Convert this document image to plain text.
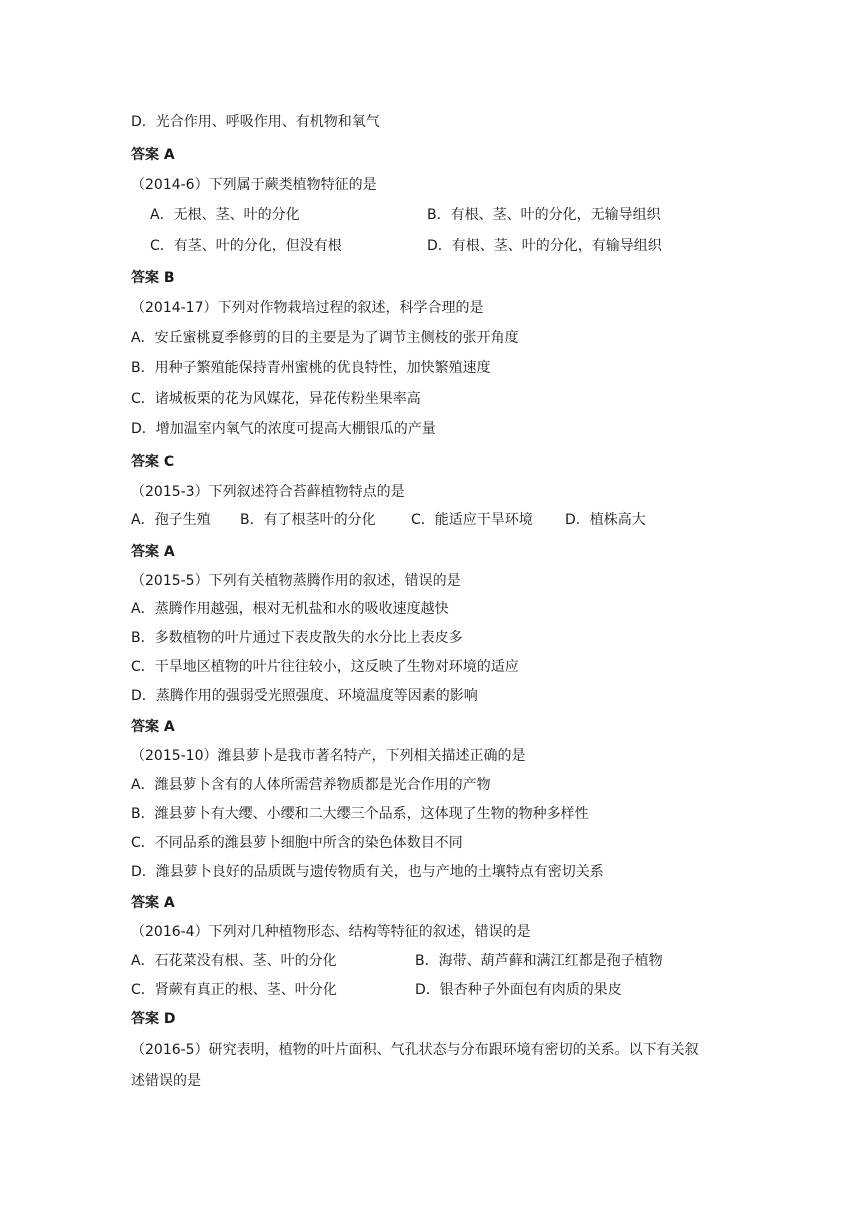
D．光合作用、呼吸作用、有机物和氧气
答案 A
（2014-6）下列属于蕨类植物特征的是
A．无根、茎、叶的分化	B．有根、茎、叶的分化，无输导组织
C．有茎、叶的分化，但没有根	D．有根、茎、叶的分化，有输导组织
答案 B
（2014-17）下列对作物栽培过程的叙述，科学合理的是
A．安丘蜜桃夏季修剪的目的主要是为了调节主侧枝的张开角度
B．用种子繁殖能保持青州蜜桃的优良特性，加快繁殖速度
C．诸城板栗的花为风媒花，异花传粉坐果率高
D．增加温室内氧气的浓度可提高大棚银瓜的产量
答案 C
（2015-3）下列叙述符合苔藓植物特点的是
A．孢子生殖 B．有了根茎叶的分化	C．能适应干旱环境 D．植株高大
答案 A
（2015-5）下列有关植物蒸腾作用的叙述，错误的是
A．蒸腾作用越强，根对无机盐和水的吸收速度越快
B．多数植物的叶片通过下表皮散失的水分比上表皮多
C．干旱地区植物的叶片往往较小，这反映了生物对环境的适应
D．蒸腾作用的强弱受光照强度、环境温度等因素的影响
答案 A
（2015-10）潍县萝卜是我市著名特产，下列相关描述正确的是
A．潍县萝卜含有的人体所需营养物质都是光合作用的产物
B．潍县萝卜有大缨、小缨和二大缨三个品系，这体现了生物的物种多样性
C．不同品系的潍县萝卜细胞中所含的染色体数目不同
D．潍县萝卜良好的品质既与遗传物质有关，也与产地的土壤特点有密切关系
答案 A
（2016-4）下列对几种植物形态、结构等特征的叙述，错误的是
A．石花菜没有根、茎、叶的分化	B．海带、葫芦藓和满江红都是孢子植物
C．肾蕨有真正的根、茎、叶分化	D．银杏种子外面包有肉质的果皮
答案 D
（2016-5）研究表明，植物的叶片面积、气孔状态与分布跟环境有密切的关系。以下有关叙
述错误的是
